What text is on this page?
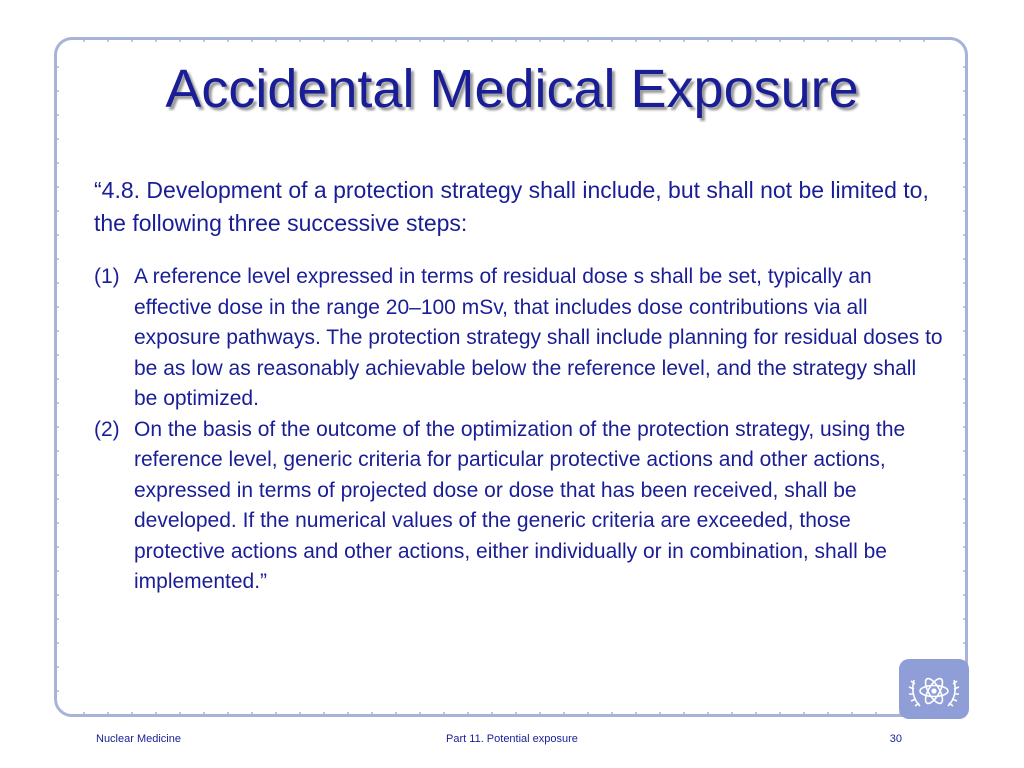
Accidental Medical Exposure

“4.8. Development of a protection strategy shall include, but shall not be limited to, the following three successive steps:

(1) A reference level expressed in terms of residual dose s shall be set, typically an effective dose in the range 20–100 mSv, that includes dose contributions via all exposure pathways. The protection strategy shall include planning for residual doses to be as low as reasonably achievable below the reference level, and the strategy shall be optimized.

(2) On the basis of the outcome of the optimization of the protection strategy, using the reference level, generic criteria for particular protective actions and other actions, expressed in terms of projected dose or dose that has been received, shall be developed. If the numerical values of the generic criteria are exceeded, those protective actions and other actions, either individually or in combination, shall be implemented.”

Nuclear Medicine	Part 11. Potential exposure	30
